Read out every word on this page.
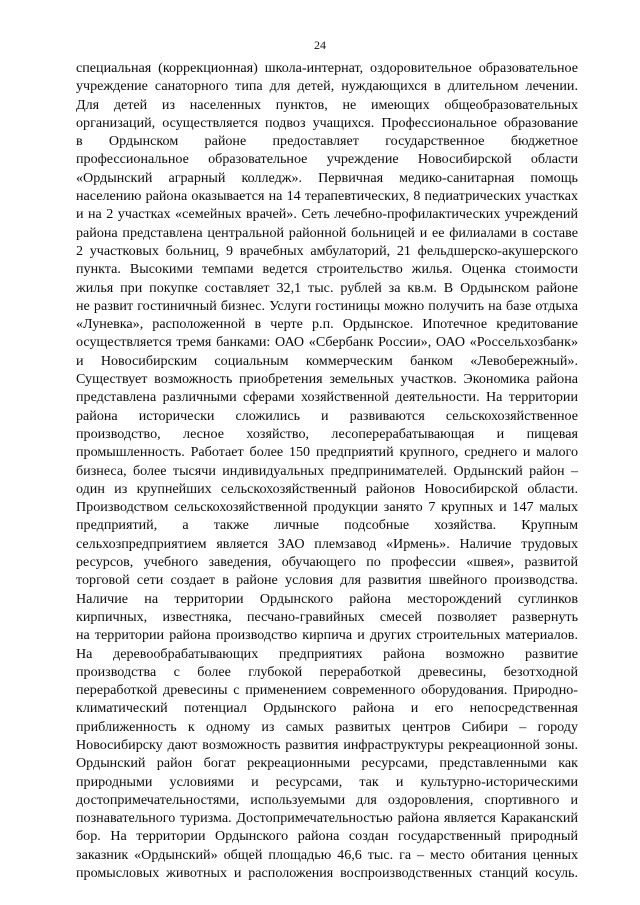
24
специальная (коррекционная) школа-интернат, оздоровительное образовательное
учреждение санаторного типа для детей, нуждающихся в длительном лечении.
Для детей из населенных пунктов, не имеющих общеобразовательных
организаций, осуществляется подвоз учащихся. Профессиональное образование
в Ордынском районе предоставляет государственное бюджетное
профессиональное образовательное учреждение Новосибирской области
«Ордынский аграрный колледж». Первичная медико-санитарная помощь
населению района оказывается на 14 терапевтических, 8 педиатрических участках
и на 2 участках «семейных врачей». Сеть лечебно-профилактических учреждений
района представлена центральной районной больницей и ее филиалами в составе
2 участковых больниц, 9 врачебных амбулаторий, 21 фельдшерско-акушерского
пункта. Высокими темпами ведется строительство жилья. Оценка стоимости
жилья при покупке составляет 32,1 тыс. рублей за кв.м. В Ордынском районе
не развит гостиничный бизнес. Услуги гостиницы можно получить на базе отдыха
«Луневка», расположенной в черте р.п. Ордынское. Ипотечное кредитование
осуществляется тремя банками: ОАО «Сбербанк России», ОАО «Россельхозбанк»
и Новосибирским социальным коммерческим банком «Левобережный».
Существует возможность приобретения земельных участков. Экономика района
представлена различными сферами хозяйственной деятельности. На территории
района исторически сложились и развиваются сельскохозяйственное
производство, лесное хозяйство, лесоперерабатывающая и пищевая
промышленность. Работает более 150 предприятий крупного, среднего и малого
бизнеса, более тысячи индивидуальных предпринимателей. Ордынский район –
один из крупнейших сельскохозяйственный районов Новосибирской области.
Производством сельскохозяйственной продукции занято 7 крупных и 147 малых
предприятий, а также личные подсобные хозяйства. Крупным
сельхозпредприятием является ЗАО племзавод «Ирмень». Наличие трудовых
ресурсов, учебного заведения, обучающего по профессии «швея», развитой
торговой сети создает в районе условия для развития швейного производства.
Наличие на территории Ордынского района месторождений суглинков
кирпичных, известняка, песчано-гравийных смесей позволяет развернуть
на территории района производство кирпича и других строительных материалов.
На деревообрабатывающих предприятиях района возможно развитие
производства с более глубокой переработкой древесины, безотходной
переработкой древесины с применением современного оборудования. Природно-
климатический потенциал Ордынского района и его непосредственная
приближенность к одному из самых развитых центров Сибири – городу
Новосибирску дают возможность развития инфраструктуры рекреационной зоны.
Ордынский район богат рекреационными ресурсами, представленными как
природными условиями и ресурсами, так и культурно-историческими
достопримечательностями, используемыми для оздоровления, спортивного и
познавательного туризма. Достопримечательностью района является Караканский
бор. На территории Ордынского района создан государственный природный
заказник «Ордынский» общей площадью 46,6 тыс. га – место обитания ценных
промысловых животных и расположения воспроизводственных станций косуль.
